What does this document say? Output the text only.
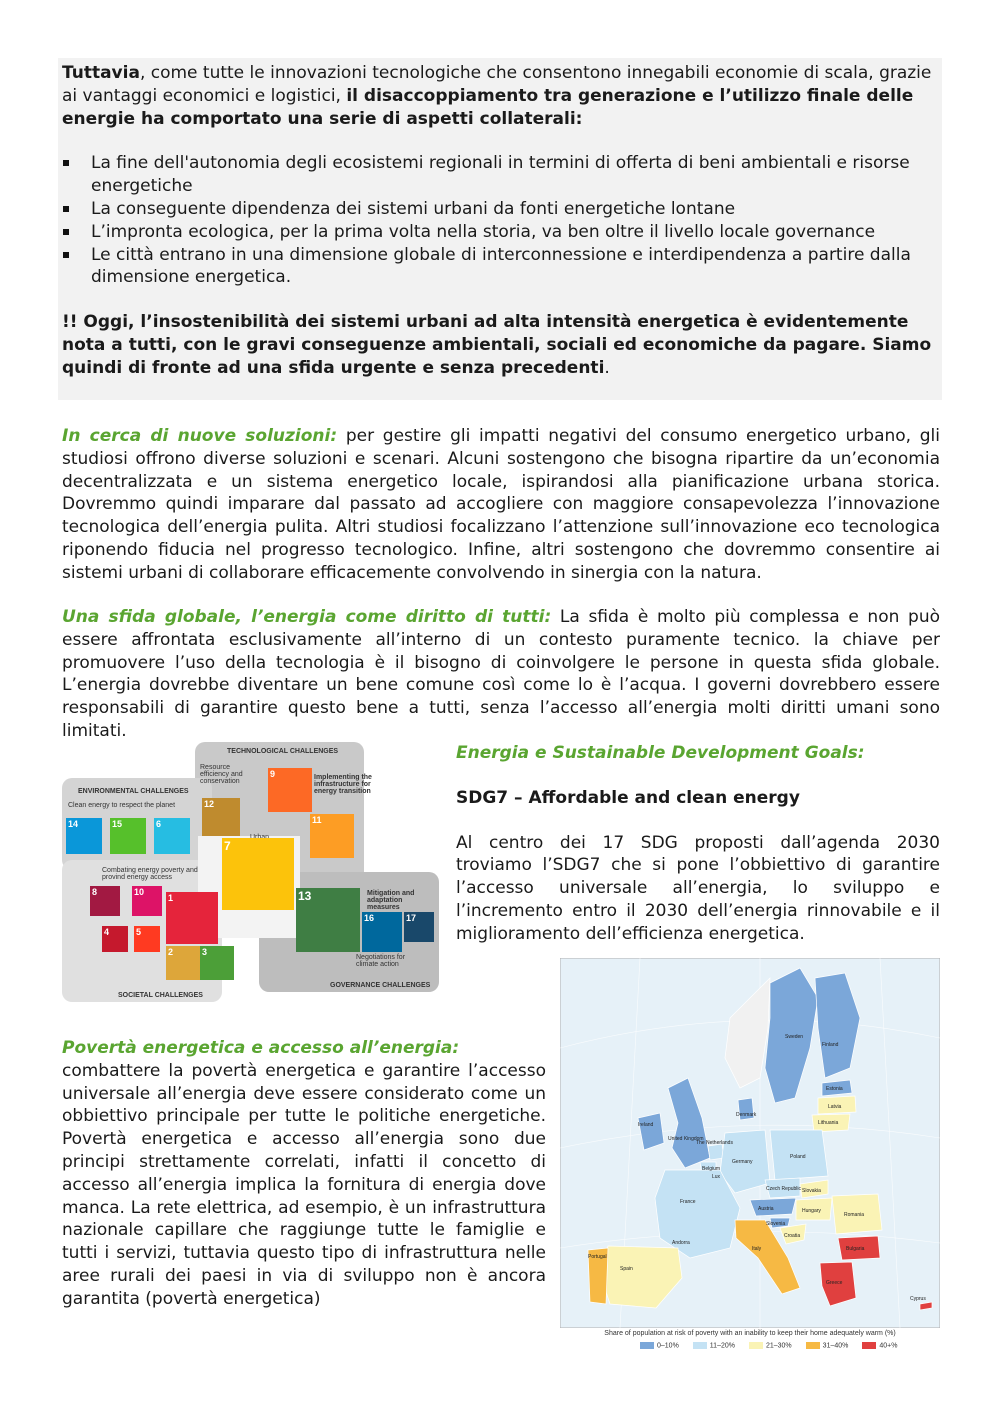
Tuttavia, come tutte le innovazioni tecnologiche che consentono innegabili economie di scala, grazie ai vantaggi economici e logistici, il disaccoppiamento tra generazione e l’utilizzo finale delle energie ha comportato una serie di aspetti collaterali:

La fine dell'autonomia degli ecosistemi regionali in termini di offerta di beni ambientali e risorse energetiche
La conseguente dipendenza dei sistemi urbani da fonti energetiche lontane
L’impronta ecologica, per la prima volta nella storia, va ben oltre il livello locale governance
Le città entrano in una dimensione globale di interconnessione e interdipendenza a partire dalla dimensione energetica.

!! Oggi, l’insostenibilità dei sistemi urbani ad alta intensità energetica è evidentemente nota a tutti, con le gravi conseguenze ambientali, sociali ed economiche da pagare. Siamo quindi di fronte ad una sfida urgente e senza precedenti.

In cerca di nuove soluzioni: per gestire gli impatti negativi del consumo energetico urbano, gli studiosi offrono diverse soluzioni e scenari. Alcuni sostengono che bisogna ripartire da un’economia decentralizzata e un sistema energetico locale, ispirandosi alla pianificazione urbana storica. Dovremmo quindi imparare dal passato ad accogliere con maggiore consapevolezza l’innovazione tecnologica dell’energia pulita. Altri studiosi focalizzano l’attenzione sull’innovazione eco tecnologica riponendo fiducia nel progresso tecnologico. Infine, altri sostengono che dovremmo consentire ai sistemi urbani di collaborare efficacemente convolvendo in sinergia con la natura.

Una sfida globale, l’energia come diritto di tutti: La sfida è molto più complessa e non può essere affrontata esclusivamente all’interno di un contesto puramente tecnico. la chiave per promuovere l’uso della tecnologia è il bisogno di coinvolgere le persone in questa sfida globale. L’energia dovrebbe diventare un bene comune così come lo è l’acqua. I governi dovrebbero essere responsabili di garantire questo bene a tutti, senza l’accesso all’energia molti diritti umani sono limitati.

TECHNOLOGICAL CHALLENGES
ENVIRONMENTAL CHALLENGES
Clean energy to respect the planet
Resource efficiency and conservation
Implementing the infrastructure for energy transition
Combating energy poverty and provind energy access
Mitigation and adaptation measures
Negotiations for climate action
SOCIETAL CHALLENGES
GOVERNANCE CHALLENGES
14	15	6
12
9
11
7
8	10
1
4	5
2	3
13
16	17
Energia e Sustainable Development Goals:
SDG7 – Affordable and clean energy

Al centro dei 17 SDG proposti dall’agenda 2030 troviamo l’SDG7 che si pone l’obbiettivo di garantire l’accesso universale all’energia, lo sviluppo e l’incremento entro il 2030 dell’energia rinnovabile e il miglioramento dell’efficienza energetica.

Povertà energetica e accesso all’energia:

combattere la povertà energetica e garantire l’accesso universale all’energia deve essere considerato come un obbiettivo principale per tutte le politiche energetiche. Povertà energetica e accesso all’energia sono due principi strettamente correlati, infatti il concetto di accesso all’energia implica la fornitura di energia dove manca. La rete elettrica, ad esempio, è un infrastruttura nazionale capillare che raggiunge tutte le famiglie e tutti i servizi, tuttavia questo tipo di infrastruttura nelle aree rurali dei paesi in via di sviluppo non è ancora garantita (povertà energetica)

Sweden
Finland
Estonia
Latvia
Lithuania
Denmark
Ireland
United Kingdom
The Netherlands
Belgium
Lux
Germany
Poland
Czech Republic Slovakia
Austria	Hungary
Slovenia
Croatia
Romania
Bulgaria
Greece
Cyprus
France
Italy
Spain
Portugal
Andorra
Share of population at risk of poverty with an inability to keep their home adequately warm (%)
0–10%	11–20%	21–30%	31–40%	40+%
